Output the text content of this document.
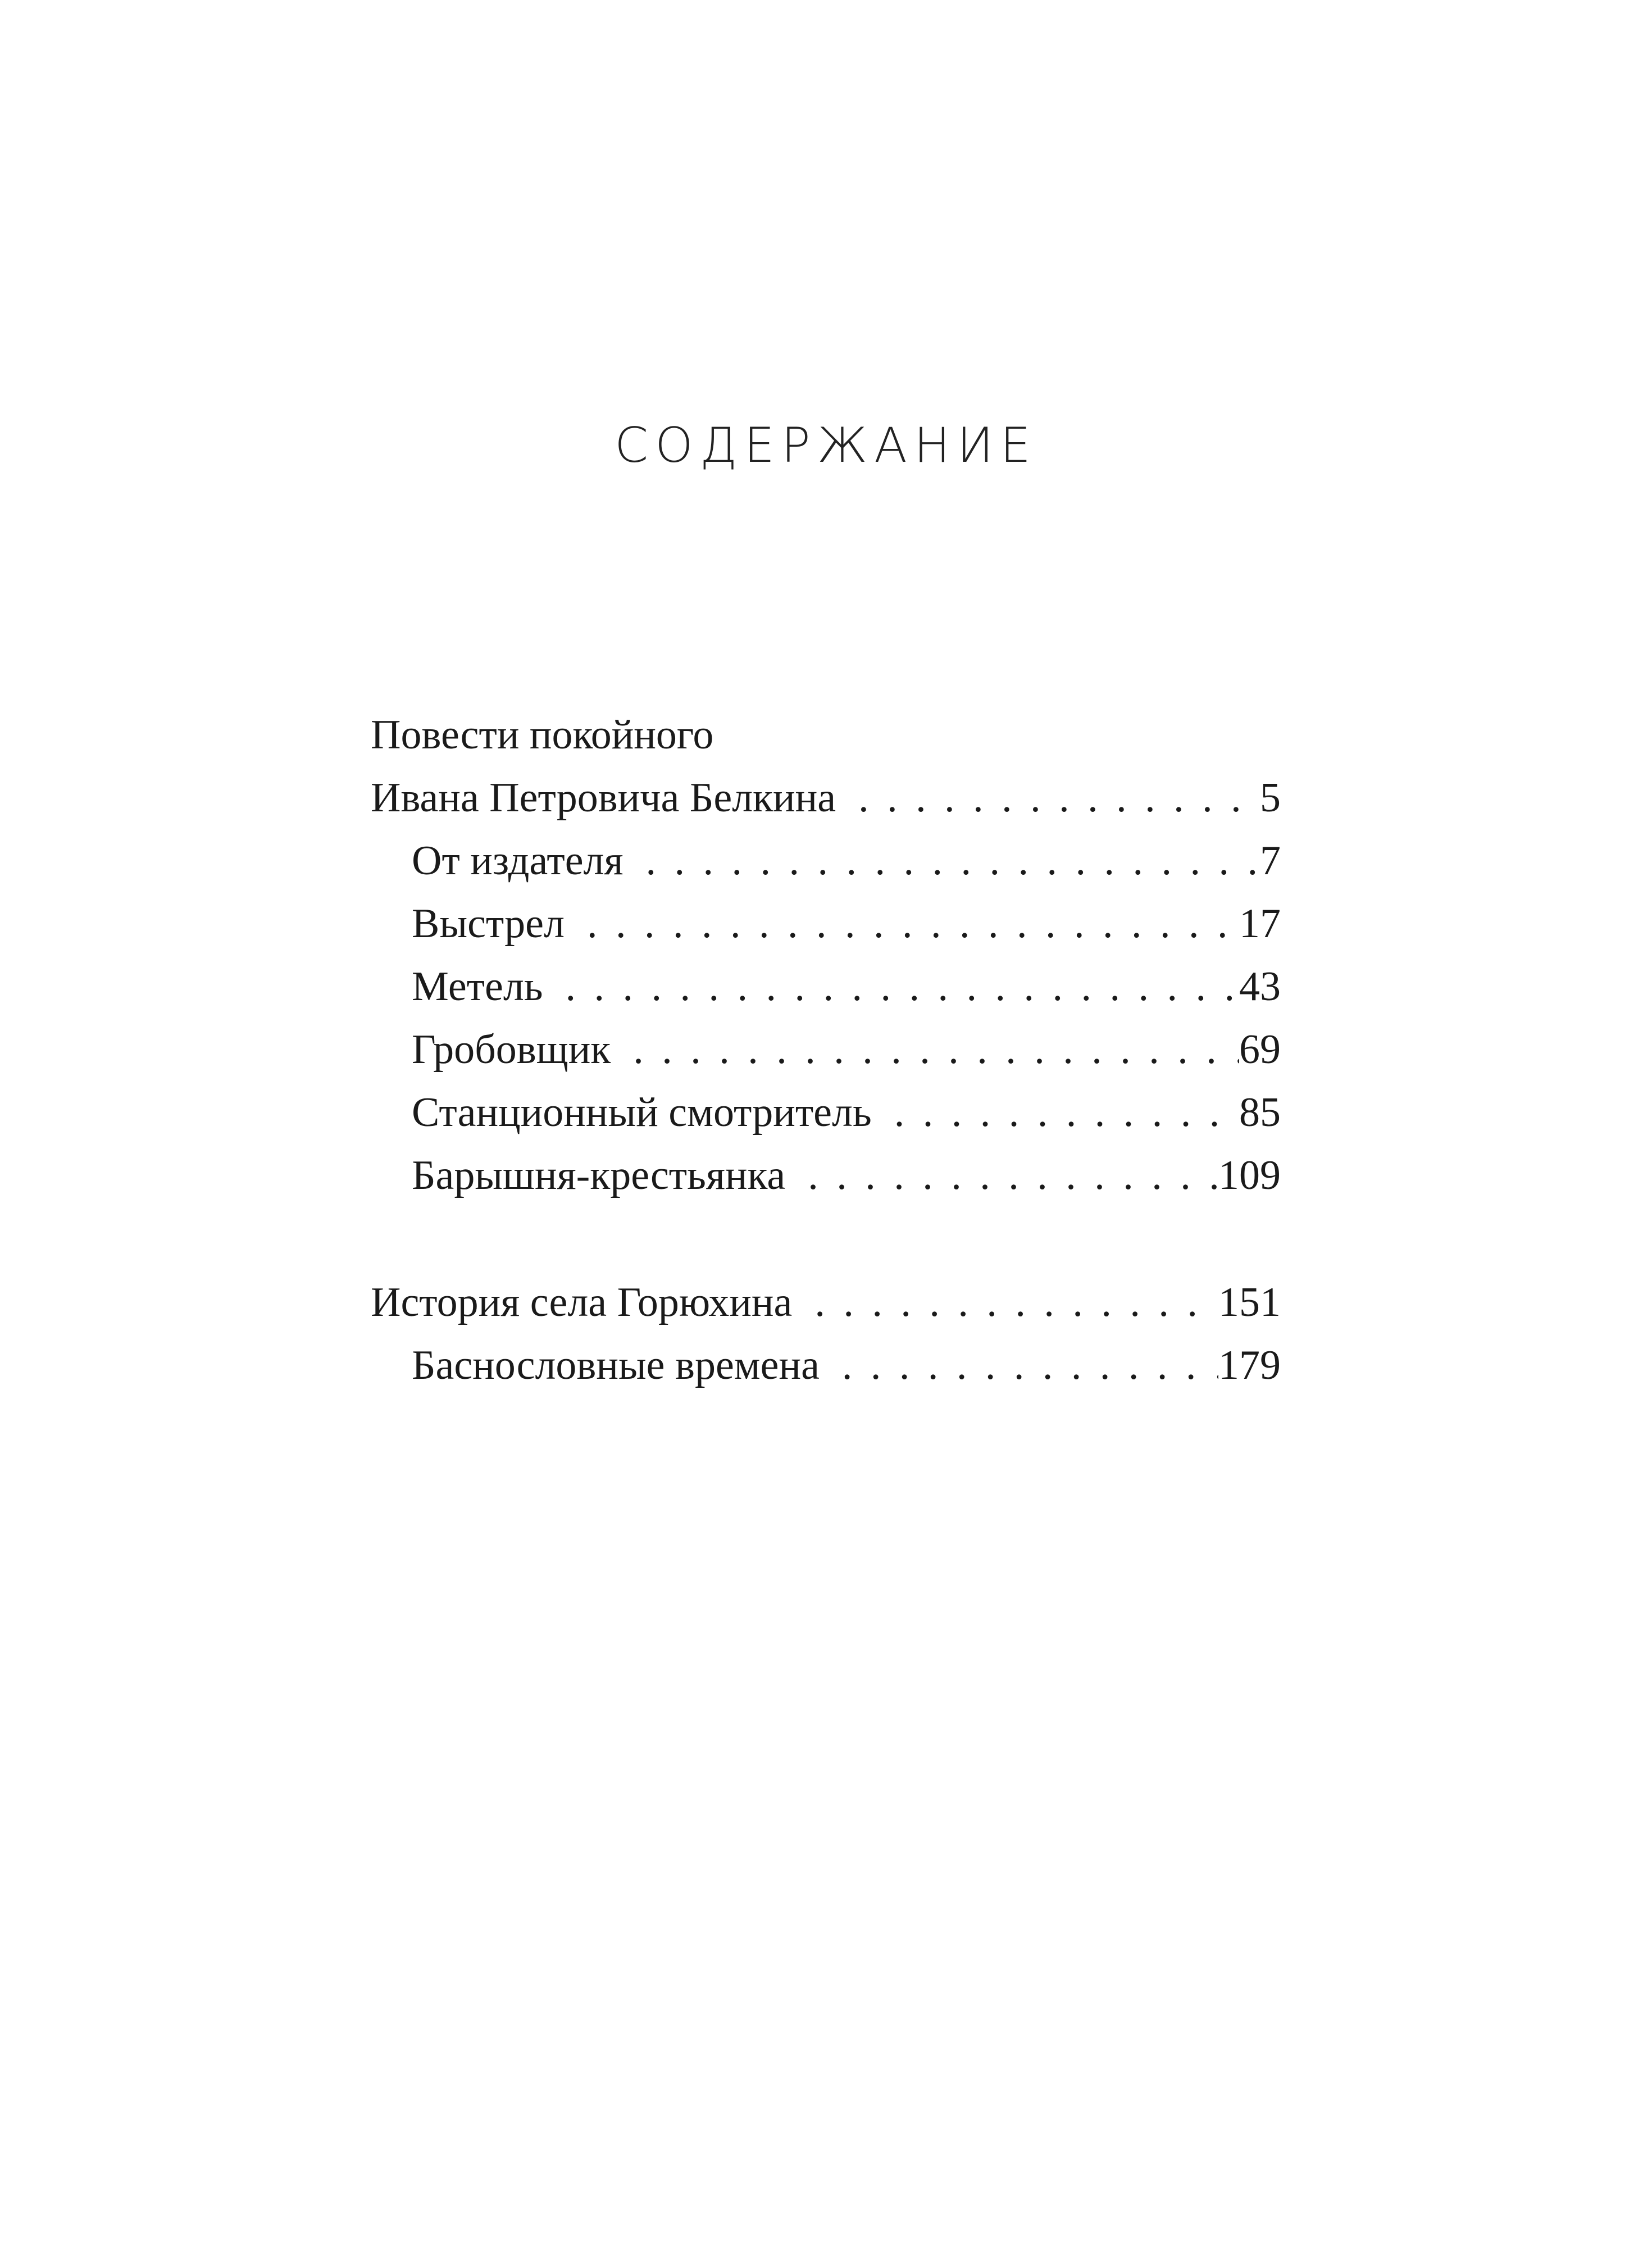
СОДЕРЖАНИЕ
Повести покойного
Ивана Петровича Белкина . . .	5
От издателя . . .	7
Выстрел . . .	17
Метель . . .	43
Гробовщик . . .	69
Станционный смотритель . . .	85
Барышня-крестьянка . . .	109
История села Горюхина . . .	151
Баснословные времена . . .	179
